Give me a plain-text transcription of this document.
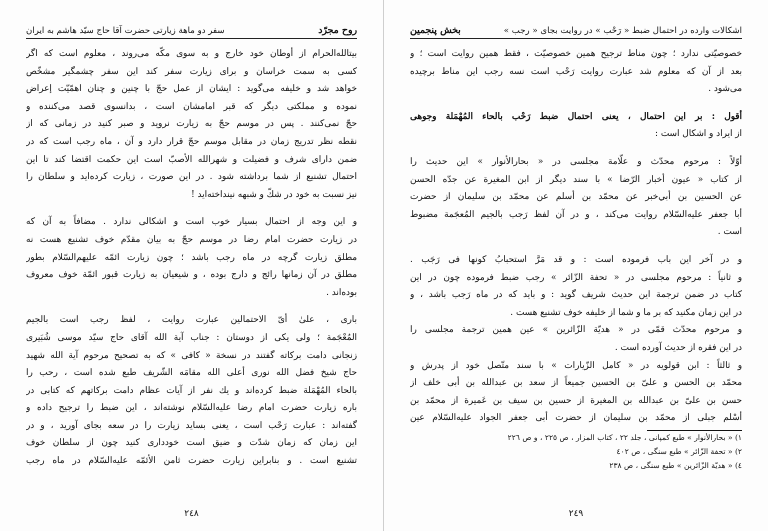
روح مجرّد
سفر دو ماهة زيارتى حضرت آقا حاج سيّد هاشم به ايران
بيتالله‌الحرام از أوطان خود خارج و به سوى مكّه مى‌روند ، معلوم است كه اگر
كسى به سمت خراسان و براى زيارت سفر كند اين سفر چشمگير مشخّص
خواهد شد و خليفه مى‌گويد : ايشان از عمل حجّ با چنين و چنان اهمّيّت إعراض
نموده و مملكتى ديگر كه قبر امامشان است ، بدانسوى قصد مى‌كننده و
حجّ نمى‌كنند . پس در موسم حجّ به زيارت نرويد و صبر كنيد در زمانى كه از
نقطه نظر تدريج زمان در مقابل موسم حجّ قرار دارد و آن ، ماه رجب است كه در
ضمن داراى شرف و فضيلت و شهرالله الأصبّ است اين حكمت اقتضا كند تا اين
احتمال تشنيع از شما برداشته شود . در اين صورت ، زيارت كرده‌ايد و سلطان را
نيز نسبت به خود در شكّ و شبهه نينداخته‌ايد !
و اين وجه از احتمال بسيار خوب است و اشكالى ندارد . مضافاً به آن كه
در زيارت حضرت امام رضا در موسم حجّ به بيان مقدّم خوف تشنيع هست نه
مطلق زيارت گرچه در ماه رجب باشد ؛ چون زيارت ائمّه عليهم‌السّلام بطور
مطلق در آن زمانها رائج و دارج بوده ، و شيعيان به زيارت قبور ائمّة خوف معروف
بوده‌اند .
بارى ، علىٰ أىّ الاحتمالين عبارت روايت ، لفظ رجب است بالجيم
المُعْجَمة ؛ ولى يكى از دوستان : جناب آية الله آقاى حاج سيّد موسى شُبَيرى
زنجانى دامت بركاته گفتند در نسخة « كافى » كه به تصحيح مرحوم آية الله شهيد
حاج شيخ فضل الله نورى أعلى الله مقامَه الشّريف طبع شده است ، رحب را
بالحاء المُهْمَلة ضبط كرده‌اند و يك نفر از آيات عظام دامت بركاتهم كه كتابى در
باره زيارت حضرت امام رضا عليه‌السّلام نوشته‌اند ، اين ضبط را ترجيح داده و
گفته‌اند : عبارت رَحْب است ، يعنى بسايد زيارت را در سعه بجاى آوريد ، و در
اين زمان كه زمان شدّت و ضيق است خوددارى كنيد چون از سلطان خوف
تشنيع است . و بنابراين زيارت حضرت ثامن الأئمّه عليه‌السّلام در ماه رجب
٢٤٨
اشكالات وارده در احتمال ضبط « رَحْب » در روايت بجاى « رجب »
بخش پنجمين
خصوصيّتى ندارد ؛ چون مناط ترجيح همين خصوصيّت ، فقط همين روايت است ؛ و
بعد از آن كه معلوم شد عبارت روايت رَحْب است نسه رجب اين مناط برچيده
مى‌شود .
أقول : بر اين احتمال ، يعنى احتمال ضبط رَحْب بالحاء المُهْمَلة وجوهى
از ايراد و اشكال است :
أوّلاً : مرحوم محدّث و علّامة مجلسى در « بحارالأنوار » اين حديث را
از كتاب « عيون أخبار الرّضا » با سند ديگر از ابن المغيرة عن جدّه الحسن
عن الحسين بن أبي‌خبر عن محمّد بن أسلم عن محمّد بن سليمان از حضرت
أبا جعفر عليه‌السّلام روايت مى‌كند ، و در آن لفظ رَجب بالجيم المُعجَمة مضبوط
است .
و در آخر اين باب فرموده است : و قد مَرَّ استحبابُ كونها فى رَجَب .
و ثانياً : مرحوم مجلسى در « تحفة الزّائر » رجب ضبط فرموده چون در اين
كتاب در ضمن ترجمة اين حديث شريف گويد : و بايد كه در ماه رَجب باشد ، و
در اين زمان مكنيد كه بر ما و شما از خليفه خوف تشنيع هست .
و مرحوم محدّث قمّى در « هديّة الزّائرين » عين همين ترجمة مجلسى را
در اين فقره از حديث آورده است .
و ثالثاً : ابن قولويه در « كامل الزّيارات » با سند متّصل خود از پدرش و
محمّد بن الحسن و علىّ بن الحسين جميعاً از سعد بن عبدالله بن أبى خلف از
حسن بن علىّ بن عبدالله بن المغيرة از حسين بن سيف بن عَميرة از محمّد بن
أسْلم جبلى از محمّد بن سليمان از حضرت أبى جعفر الجواد عليه‌السّلام عين
١) « بحارالأنوار » طبع كمپانى ، جلد ٢٢ ، كتاب المزار ، ص ٢٢٥ ، و ص ٢٢٦
٢) « تحفة الزّائر » طبع سنگى ، ص ٤٠٢
٤) « هديّة الزّائرين » طبع سنگى ، ص ٢٣٨
٢٤٩
